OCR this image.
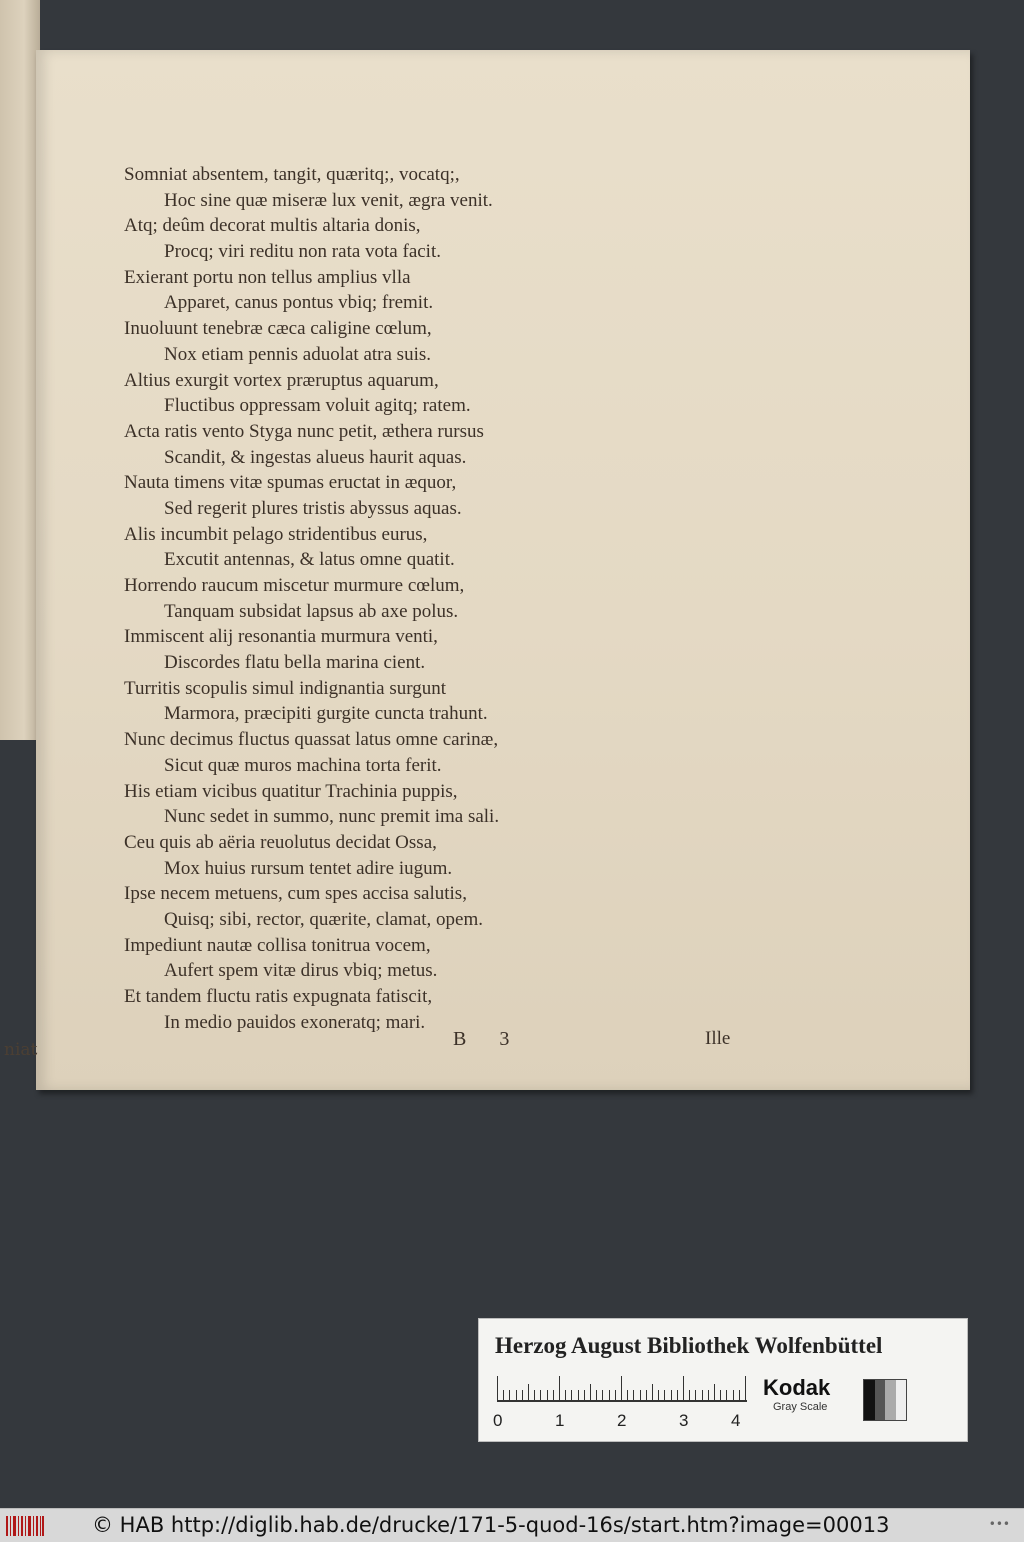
niat
Somniat absentem, tangit, quæritq;, vocatq;,
Hoc sine quæ miseræ lux venit, ægra venit.
Atq; deûm decorat multis altaria donis,
Procq; viri reditu non rata vota facit.
Exierant portu non tellus amplius vlla
Apparet, canus pontus vbiq; fremit.
Inuoluunt tenebræ cæca caligine cœlum,
Nox etiam pennis aduolat atra suis.
Altius exurgit vortex præruptus aquarum,
Fluctibus oppressam voluit agitq; ratem.
Acta ratis vento Styga nunc petit, æthera rursus
Scandit, & ingestas alueus haurit aquas.
Nauta timens vitæ spumas eructat in æquor,
Sed regerit plures tristis abyssus aquas.
Alis incumbit pelago stridentibus eurus,
Excutit antennas, & latus omne quatit.
Horrendo raucum miscetur murmure cœlum,
Tanquam subsidat lapsus ab axe polus.
Immiscent alij resonantia murmura venti,
Discordes flatu bella marina cient.
Turritis scopulis simul indignantia surgunt
Marmora, præcipiti gurgite cuncta trahunt.
Nunc decimus fluctus quassat latus omne carinæ,
Sicut quæ muros machina torta ferit.
His etiam vicibus quatitur Trachinia puppis,
Nunc sedet in summo, nunc premit ima sali.
Ceu quis ab aëria reuolutus decidat Ossa,
Mox huius rursum tentet adire iugum.
Ipse necem metuens, cum spes accisa salutis,
Quisq; sibi, rector, quærite, clamat, opem.
Impediunt nautæ collisa tonitrua vocem,
Aufert spem vitæ dirus vbiq; metus.
Et tandem fluctu ratis expugnata fatiscit,
In medio pauidos exoneratq; mari.
B 3	Ille
Herzog August Bibliothek Wolfenbüttel
0	1	2	3	4
Kodak
Gray Scale
© HAB http://diglib.hab.de/drucke/171-5-quod-16s/start.htm?image=00013	•••
